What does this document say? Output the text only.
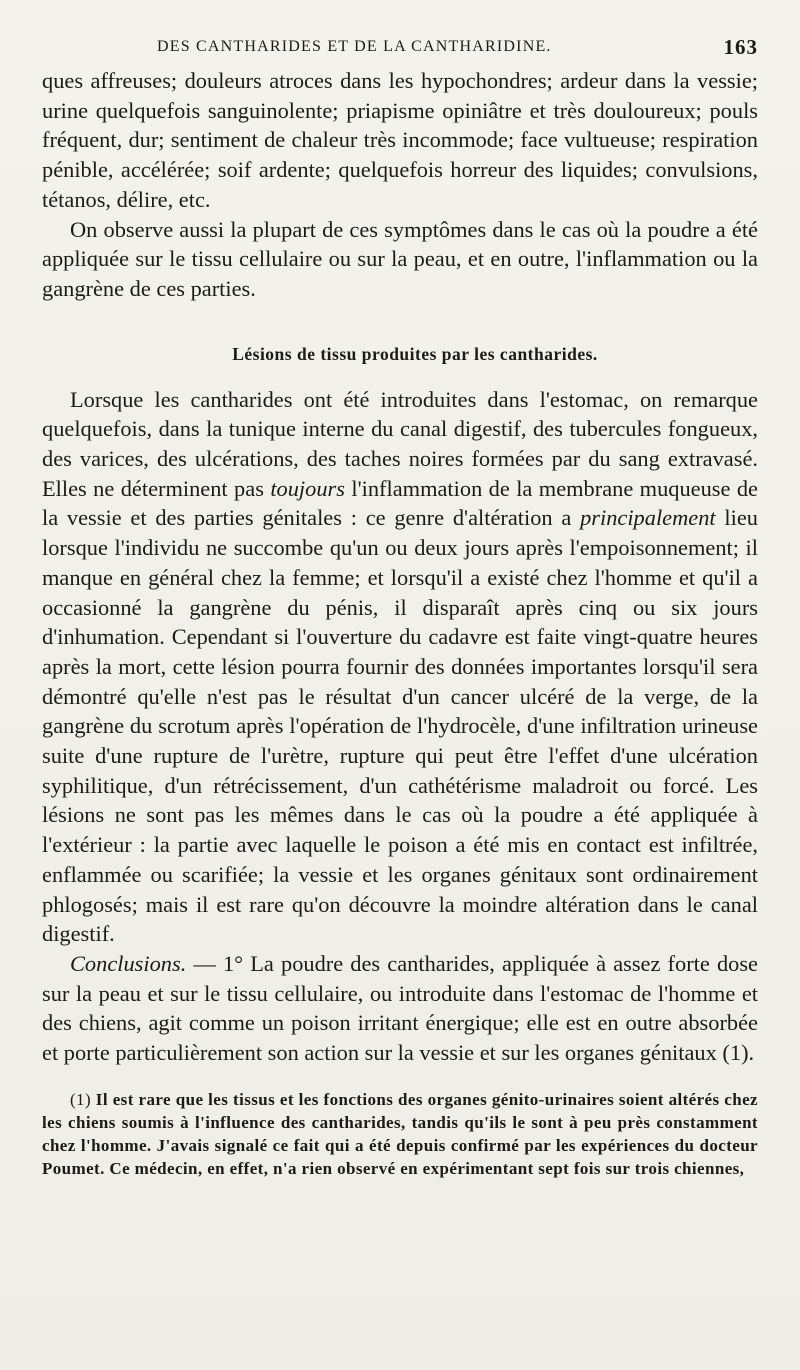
DES CANTHARIDES ET DE LA CANTHARIDINE.	163

ques affreuses; douleurs atroces dans les hypochondres; ardeur dans la vessie; urine quelquefois sanguinolente; priapisme opiniâtre et très douloureux; pouls fréquent, dur; sentiment de chaleur très incommode; face vultueuse; respiration pénible, accélérée; soif ardente; quelquefois horreur des liquides; convulsions, tétanos, délire, etc.

On observe aussi la plupart de ces symptômes dans le cas où la poudre a été appliquée sur le tissu cellulaire ou sur la peau, et en outre, l'inflammation ou la gangrène de ces parties.

Lésions de tissu produites par les cantharides.

Lorsque les cantharides ont été introduites dans l'estomac, on remarque quelquefois, dans la tunique interne du canal digestif, des tubercules fongueux, des varices, des ulcérations, des taches noires formées par du sang extravasé. Elles ne déterminent pas toujours l'inflammation de la membrane muqueuse de la vessie et des parties génitales : ce genre d'altération a principalement lieu lorsque l'individu ne succombe qu'un ou deux jours après l'empoisonnement; il manque en général chez la femme; et lorsqu'il a existé chez l'homme et qu'il a occasionné la gangrène du pénis, il disparaît après cinq ou six jours d'inhumation. Cependant si l'ouverture du cadavre est faite vingt-quatre heures après la mort, cette lésion pourra fournir des données importantes lorsqu'il sera démontré qu'elle n'est pas le résultat d'un cancer ulcéré de la verge, de la gangrène du scrotum après l'opération de l'hydrocèle, d'une infiltration urineuse suite d'une rupture de l'urètre, rupture qui peut être l'effet d'une ulcération syphilitique, d'un rétrécissement, d'un cathétérisme maladroit ou forcé. Les lésions ne sont pas les mêmes dans le cas où la poudre a été appliquée à l'extérieur : la partie avec laquelle le poison a été mis en contact est infiltrée, enflammée ou scarifiée; la vessie et les organes génitaux sont ordinairement phlogosés; mais il est rare qu'on découvre la moindre altération dans le canal digestif.

Conclusions. — 1° La poudre des cantharides, appliquée à assez forte dose sur la peau et sur le tissu cellulaire, ou introduite dans l'estomac de l'homme et des chiens, agit comme un poison irritant énergique; elle est en outre absorbée et porte particulièrement son action sur la vessie et sur les organes génitaux (1).

(1) Il est rare que les tissus et les fonctions des organes génito-urinaires soient altérés chez les chiens soumis à l'influence des cantharides, tandis qu'ils le sont à peu près constamment chez l'homme. J'avais signalé ce fait qui a été depuis confirmé par les expériences du docteur Poumet. Ce médecin, en effet, n'a rien observé en expérimentant sept fois sur trois chiennes,
